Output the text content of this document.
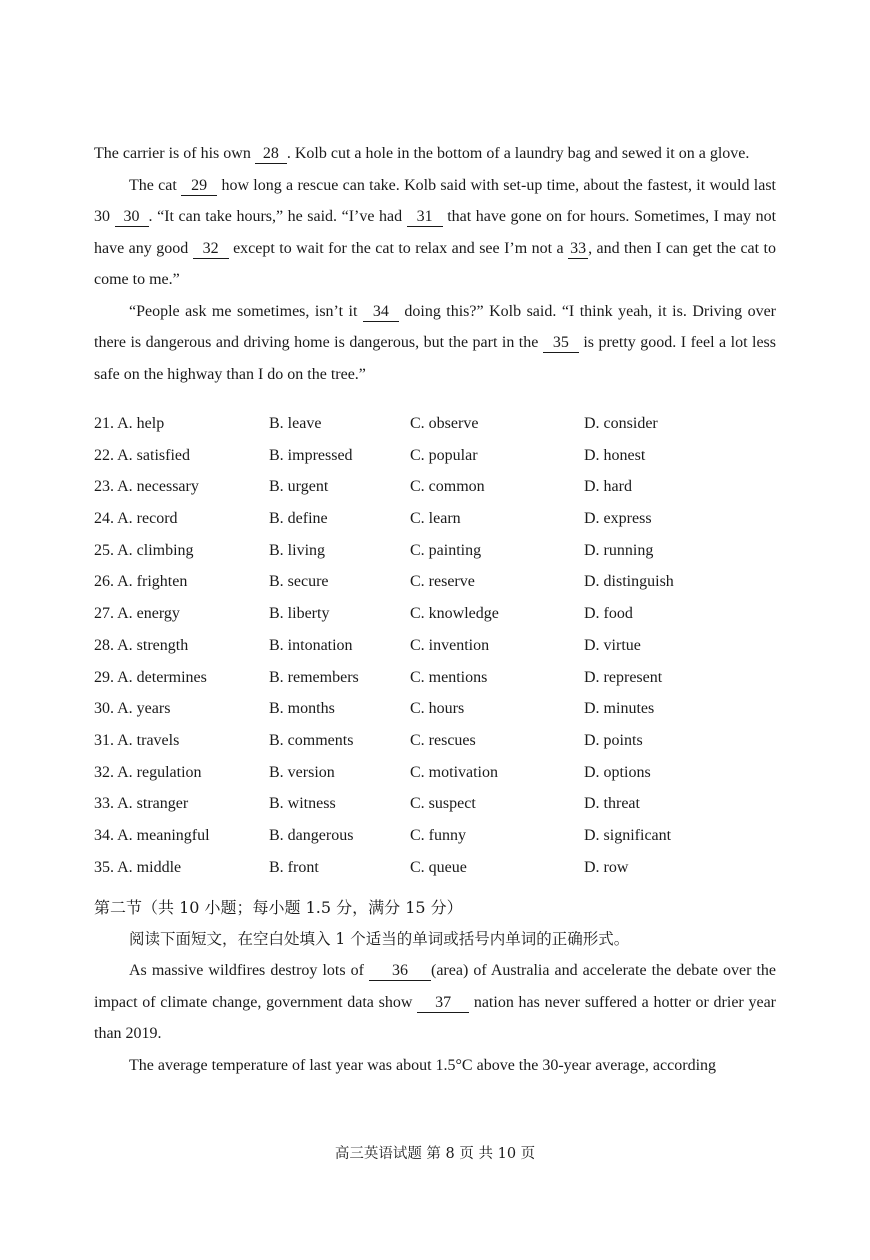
The carrier is of his own 28 . Kolb cut a hole in the bottom of a laundry bag and sewed it on a glove.

The cat 29 how long a rescue can take. Kolb said with set-up time, about the fastest, it would last 30 30 . “It can take hours,” he said. “I’ve had 31 that have gone on for hours. Sometimes, I may not have any good 32 except to wait for the cat to relax and see I’m not a 33 , and then I can get the cat to come to me.”

“People ask me sometimes, isn’t it 34 doing this?” Kolb said. “I think yeah, it is. Driving over there is dangerous and driving home is dangerous, but the part in the 35 is pretty good. I feel a lot less safe on the highway than I do on the tree.”

21. A. help	B. leave	C. observe	D. consider
22. A. satisfied	B. impressed	C. popular	D. honest
23. A. necessary	B. urgent	C. common	D. hard
24. A. record	B. define	C. learn	D. express
25. A. climbing	B. living	C. painting	D. running
26. A. frighten	B. secure	C. reserve	D. distinguish
27. A. energy	B. liberty	C. knowledge	D. food
28. A. strength	B. intonation	C. invention	D. virtue
29. A. determines	B. remembers	C. mentions	D. represent
30. A. years	B. months	C. hours	D. minutes
31. A. travels	B. comments	C. rescues	D. points
32. A. regulation	B. version	C. motivation	D. options
33. A. stranger	B. witness	C. suspect	D. threat
34. A. meaningful	B. dangerous	C. funny	D. significant
35. A. middle	B. front	C. queue	D. row
第二节（共 10 小题；每小题 1.5 分，满分 15 分）

阅读下面短文，在空白处填入 1 个适当的单词或括号内单词的正确形式。

As massive wildfires destroy lots of 36 (area) of Australia and accelerate the debate over the impact of climate change, government data show 37 nation has never suffered a hotter or drier year than 2019.

The average temperature of last year was about 1.5°C above the 30-year average, according

高三英语试题 第 8 页 共 10 页
